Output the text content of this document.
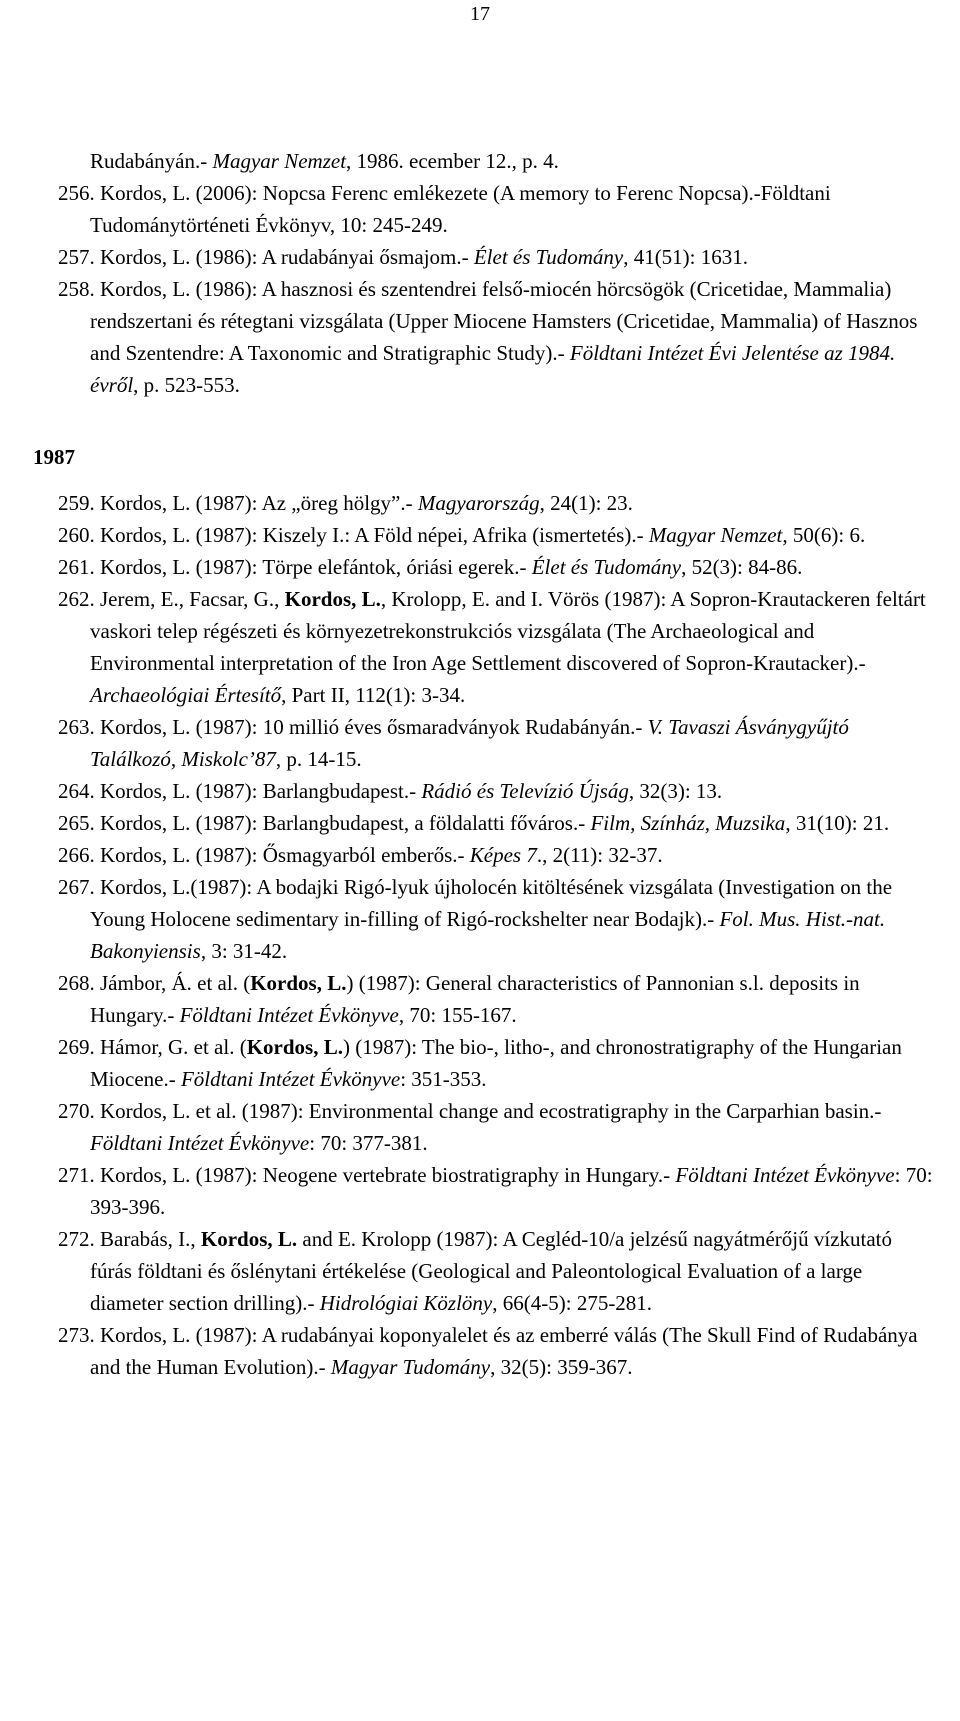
17

Rudabányán.- Magyar Nemzet, 1986. ecember 12., p. 4.

256. Kordos, L. (2006): Nopcsa Ferenc emlékezete (A memory to Ferenc Nopcsa).-Földtani Tudománytörténeti Évkönyv, 10: 245-249.

257. Kordos, L. (1986): A rudabányai ősmajom.- Élet és Tudomány, 41(51): 1631.

258. Kordos, L. (1986): A hasznosi és szentendrei felső-miocén hörcsögök (Cricetidae, Mammalia) rendszertani és rétegtani vizsgálata (Upper Miocene Hamsters (Cricetidae, Mammalia) of Hasznos and Szentendre: A Taxonomic and Stratigraphic Study).- Földtani Intézet Évi Jelentése az 1984. évről, p. 523-553.

1987

259. Kordos, L. (1987): Az „öreg hölgy”.- Magyarország, 24(1): 23.

260. Kordos, L. (1987): Kiszely I.: A Föld népei, Afrika (ismertetés).- Magyar Nemzet, 50(6): 6.

261. Kordos, L. (1987): Törpe elefántok, óriási egerek.- Élet és Tudomány, 52(3): 84-86.

262. Jerem, E., Facsar, G., Kordos, L., Krolopp, E. and I. Vörös (1987): A Sopron-Krautackeren feltárt vaskori telep régészeti és környezetrekonstrukciós vizsgálata (The Archaeological and Environmental interpretation of the Iron Age Settlement discovered of Sopron-Krautacker).- Archaeológiai Értesítő, Part II, 112(1): 3-34.

263. Kordos, L. (1987): 10 millió éves ősmaradványok Rudabányán.- V. Tavaszi Ásványgyűjtó Találkozó, Miskolc’87, p. 14-15.

264. Kordos, L. (1987): Barlangbudapest.- Rádió és Televízió Újság, 32(3): 13.

265. Kordos, L. (1987): Barlangbudapest, a földalatti főváros.- Film, Színház, Muzsika, 31(10): 21.

266. Kordos, L. (1987): Ősmagyarból emberős.- Képes 7., 2(11): 32-37.

267. Kordos, L.(1987): A bodajki Rigó-lyuk újholocén kitöltésének vizsgálata (Investigation on the Young Holocene sedimentary in-filling of Rigó-rockshelter near Bodajk).- Fol. Mus. Hist.-nat. Bakonyiensis, 3: 31-42.

268. Jámbor, Á. et al. (Kordos, L.) (1987): General characteristics of Pannonian s.l. deposits in Hungary.- Földtani Intézet Évkönyve, 70: 155-167.

269. Hámor, G. et al. (Kordos, L.) (1987): The bio-, litho-, and chronostratigraphy of the Hungarian Miocene.- Földtani Intézet Évkönyve: 351-353.

270. Kordos, L. et al. (1987): Environmental change and ecostratigraphy in the Carparhian basin.- Földtani Intézet Évkönyve: 70: 377-381.

271. Kordos, L. (1987): Neogene vertebrate biostratigraphy in Hungary.- Földtani Intézet Évkönyve: 70: 393-396.

272. Barabás, I., Kordos, L. and E. Krolopp (1987): A Cegléd-10/a jelzésű nagyátmérőjű vízkutató fúrás földtani és őslénytani értékelése (Geological and Paleontological Evaluation of a large diameter section drilling).- Hidrológiai Közlöny, 66(4-5): 275-281.

273. Kordos, L. (1987): A rudabányai koponyalelet és az emberré válás (The Skull Find of Rudabánya and the Human Evolution).- Magyar Tudomány, 32(5): 359-367.
